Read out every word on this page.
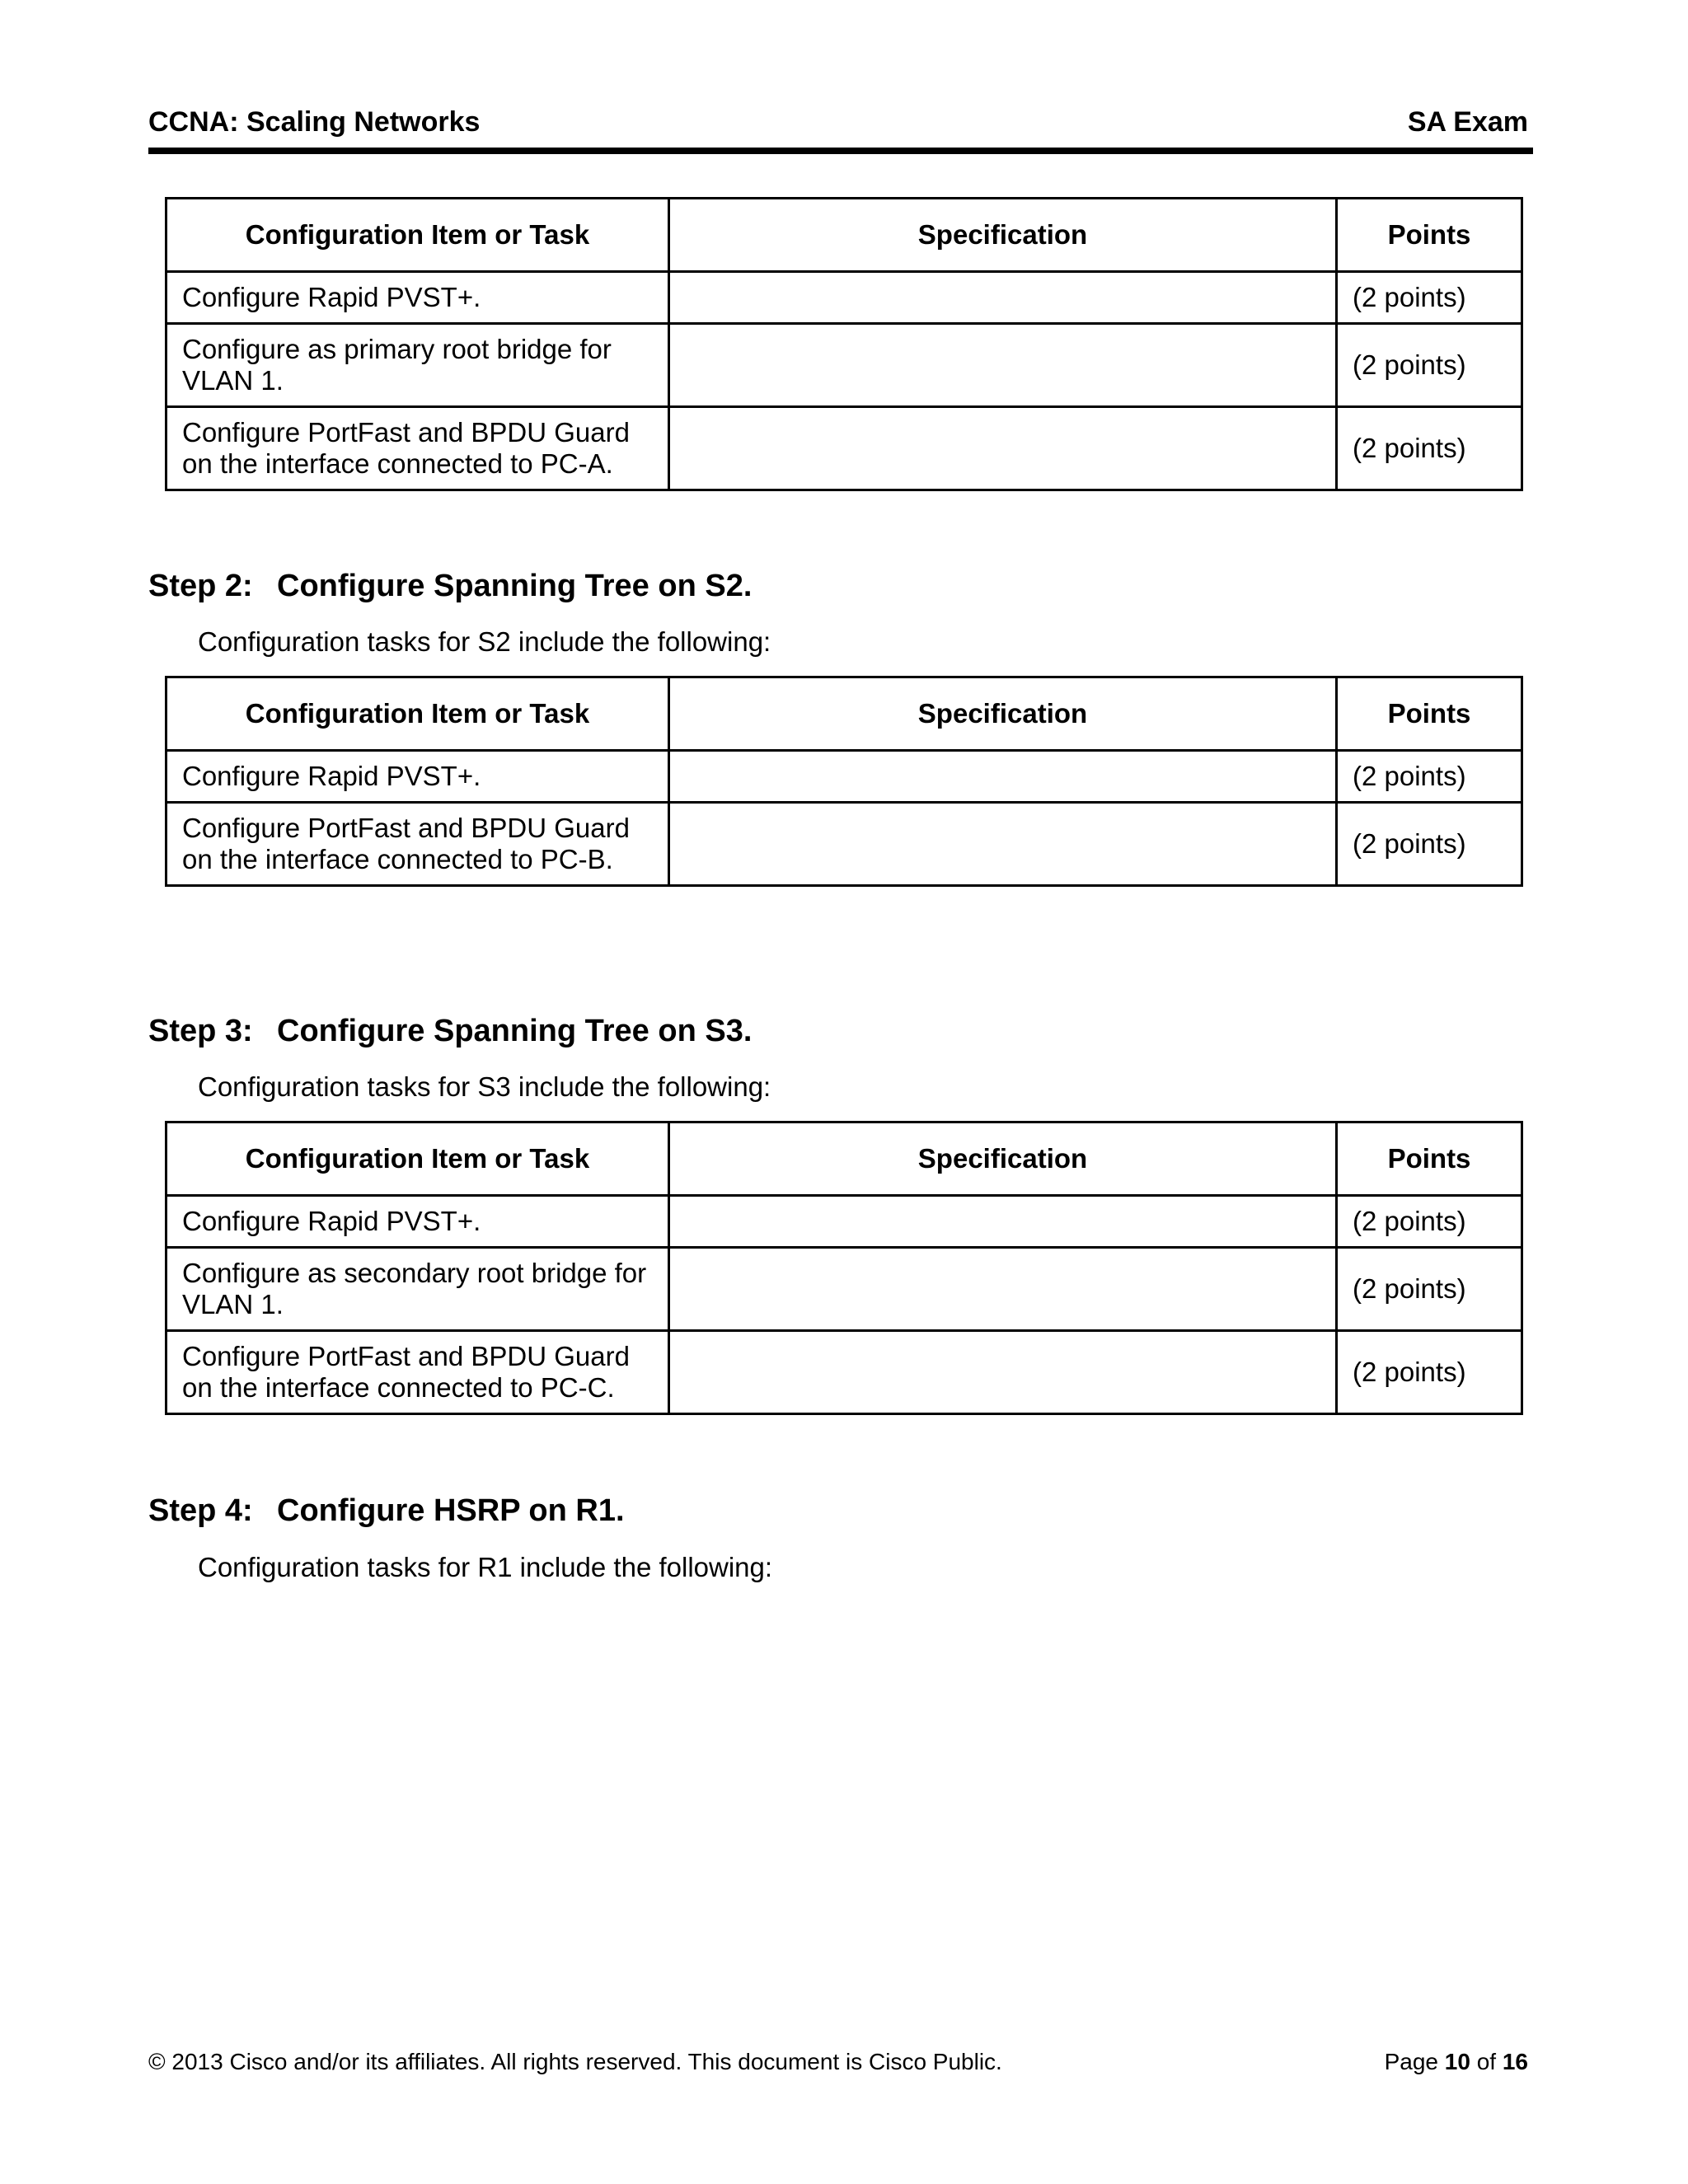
CCNA: Scaling Networks	SA Exam
Configuration Item or Task	Specification	Points
Configure Rapid PVST+.		(2 points)
Configure as primary root bridge for VLAN 1.		(2 points)
Configure PortFast and BPDU Guard on the interface connected to PC-A.		(2 points)
Step 2: Configure Spanning Tree on S2.
Configuration tasks for S2 include the following:
Configuration Item or Task	Specification	Points
Configure Rapid PVST+.		(2 points)
Configure PortFast and BPDU Guard on the interface connected to PC-B.		(2 points)
Step 3: Configure Spanning Tree on S3.
Configuration tasks for S3 include the following:
Configuration Item or Task	Specification	Points
Configure Rapid PVST+.		(2 points)
Configure as secondary root bridge for VLAN 1.		(2 points)
Configure PortFast and BPDU Guard on the interface connected to PC-C.		(2 points)
Step 4: Configure HSRP on R1.
Configuration tasks for R1 include the following:
© 2013 Cisco and/or its affiliates. All rights reserved. This document is Cisco Public.	Page 10 of 16
